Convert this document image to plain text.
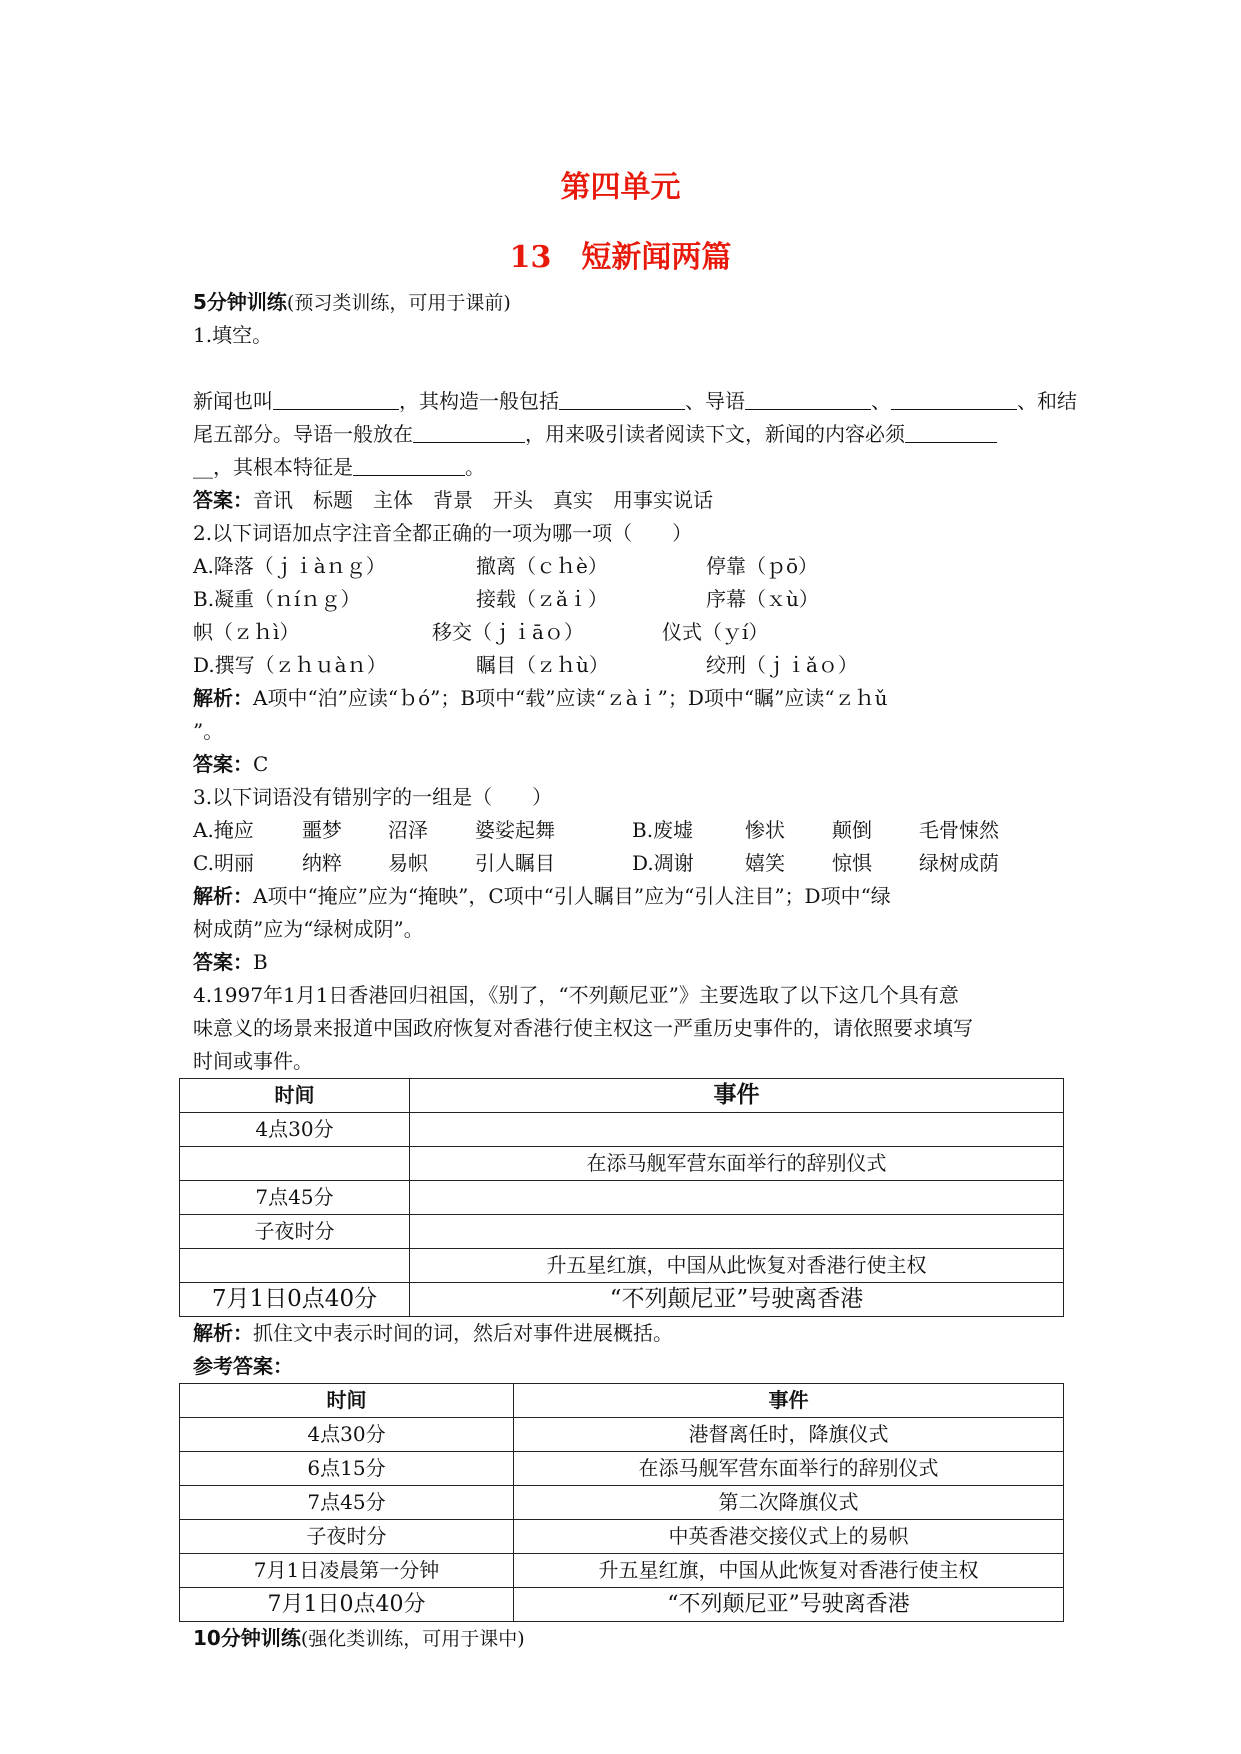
第四单元
13　短新闻两篇
5分钟训练(预习类训练，可用于课前)
1.填空。
新闻也叫	，其构造一般包括	、导语	、	、和结
尾五部分。导语一般放在	，用来吸引读者阅读下文，新闻的内容必须
__，其根本特征是	。
答案：音讯　标题　主体　背景　开头　真实　用事实说话
2.以下词语加点字注音全都正确的一项为哪一项（　　）
A.降落（ｊｉàｎｇ）	撤离（ｃｈè）	停靠（ｐō）
B.凝重（ｎíｎｇ）	接载（ｚǎｉ）	序幕（ｘù）
帜（ｚｈì）	移交（ｊｉāｏ）	仪式（ｙí）
D.撰写（ｚｈｕàｎ）	瞩目（ｚｈù）	绞刑（ｊｉǎｏ）
解析：A项中“泊”应读“ｂó”；B项中“载”应读“ｚàｉ”；D项中“瞩”应读“ｚｈǔ
”。
答案：C
3.以下词语没有错别字的一组是（　　）
A.掩应 噩梦 沼泽 婆娑起舞	B.废墟	惨状 颠倒 毛骨悚然
C.明丽 纳粹 易帜 引人瞩目	D.凋谢	嬉笑 惊惧 绿树成荫
解析：A项中“掩应”应为“掩映”，C项中“引人瞩目”应为“引人注目”；D项中“绿
树成荫”应为“绿树成阴”。
答案：B
4.1997年1月1日香港回归祖国，《别了，“不列颠尼亚”》主要选取了以下这几个具有意
味意义的场景来报道中国政府恢复对香港行使主权这一严重历史事件的，请依照要求填写
时间或事件。
时间	事件
4点30分	
	在添马舰军营东面举行的辞别仪式
7点45分	
子夜时分	
	升五星红旗，中国从此恢复对香港行使主权
7月1日0点40分	“不列颠尼亚”号驶离香港
解析：抓住文中表示时间的词，然后对事件进展概括。
参考答案：
时间	事件
4点30分	港督离任时，降旗仪式
6点15分	在添马舰军营东面举行的辞别仪式
7点45分	第二次降旗仪式
子夜时分	中英香港交接仪式上的易帜
7月1日凌晨第一分钟	升五星红旗，中国从此恢复对香港行使主权
7月1日0点40分	“不列颠尼亚”号驶离香港
10分钟训练(强化类训练，可用于课中)
